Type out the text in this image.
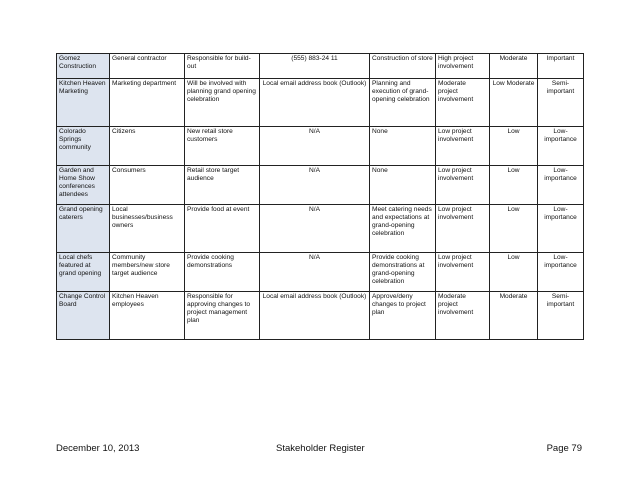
Gomez Construction	General contractor	Responsible for build-out	(555) 883-24 11	Construction of store	High project involvement	Moderate	Important
Kitchen Heaven Marketing	Marketing department	Will be involved with planning grand opening celebration	Local email address book (Outlook)	Planning and execution of grand-opening celebration	Moderate project involvement	Low Moderate	Semi-important
Colorado Springs community	Citizens	New retail store customers	N/A	None	Low project involvement	Low	Low-importance
Garden and Home Show conferences attendees	Consumers	Retail store target audience	N/A	None	Low project involvement	Low	Low-importance
Grand opening caterers	Local businesses/business owners	Provide food at event	N/A	Meet catering needs and expectations at grand-opening celebration	Low project involvement	Low	Low-importance
Local chefs featured at grand opening	Community members/new store target audience	Provide cooking demonstrations	N/A	Provide cooking demonstrations at grand-opening celebration	Low project involvement	Low	Low-importance
Change Control Board	Kitchen Heaven employees	Responsible for approving changes to project management plan	Local email address book (Outlook)	Approve/deny changes to project plan	Moderate project involvement	Moderate	Semi-important
December 10, 2013	Stakeholder Register	Page 79
